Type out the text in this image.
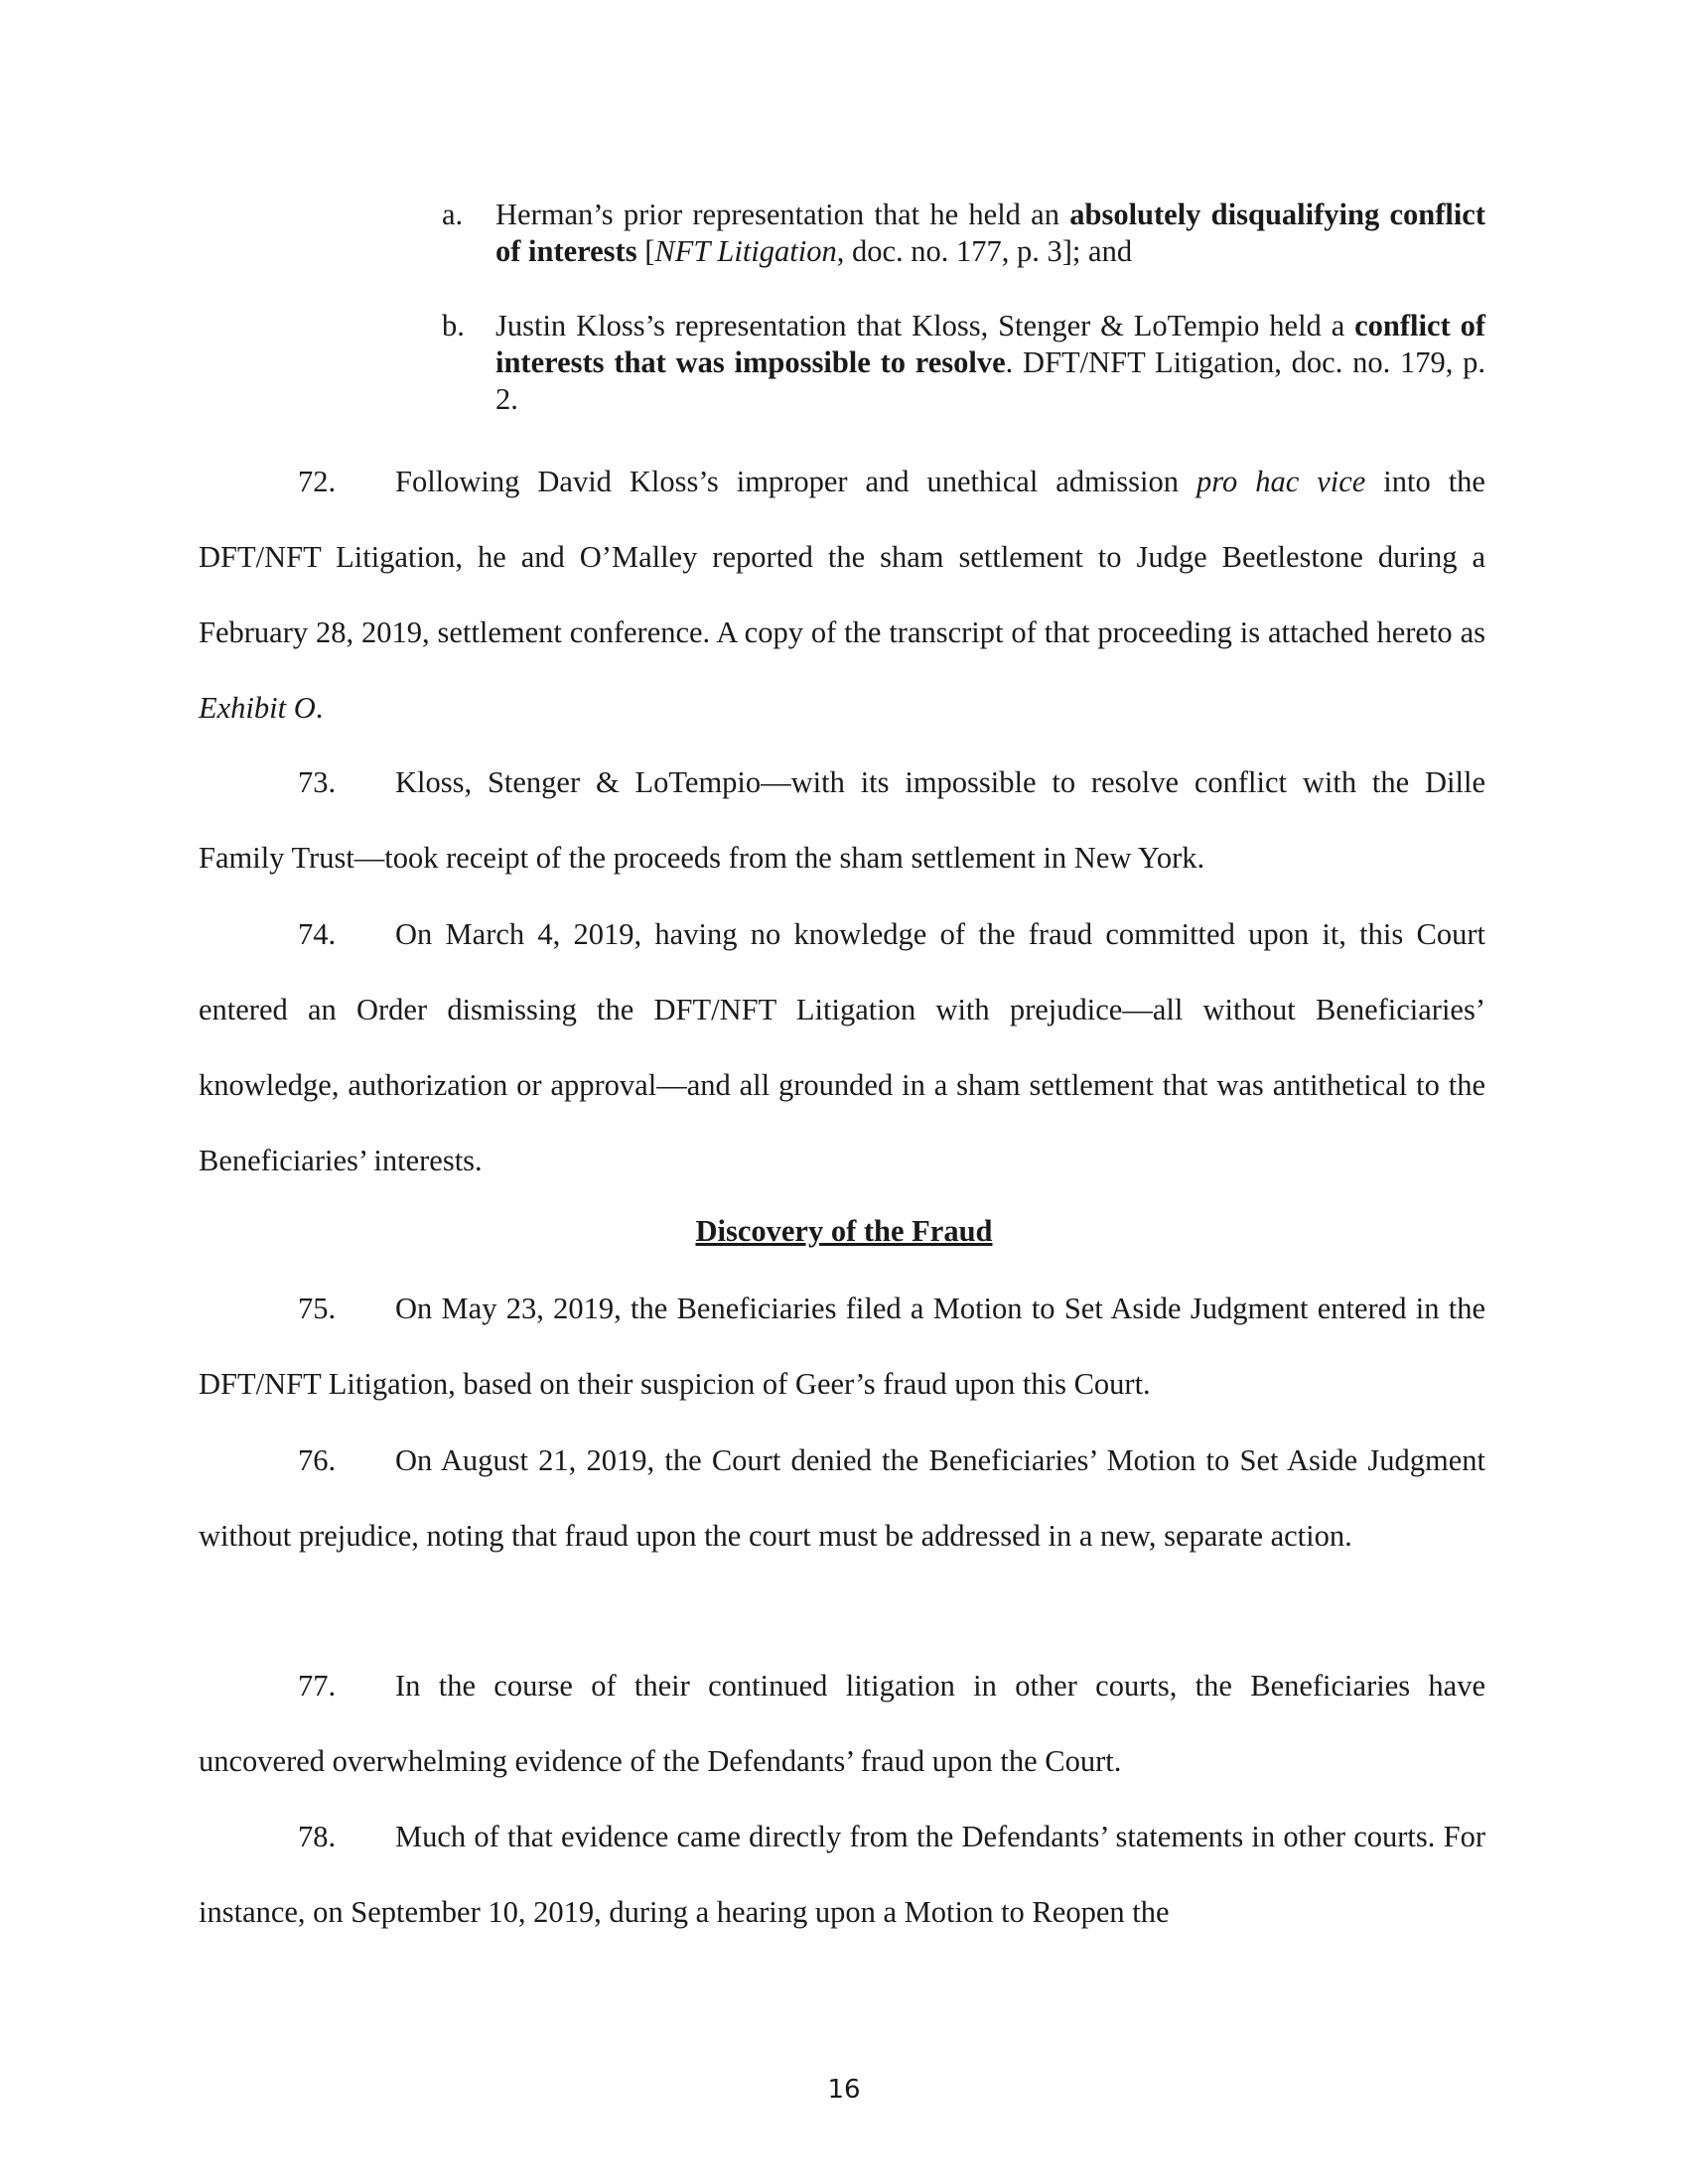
a. Herman’s prior representation that he held an absolutely disqualifying conflict of interests [NFT Litigation, doc. no. 177, p. 3]; and
b. Justin Kloss’s representation that Kloss, Stenger & LoTempio held a conflict of interests that was impossible to resolve. DFT/NFT Litigation, doc. no. 179, p. 2.

72. Following David Kloss’s improper and unethical admission pro hac vice into the DFT/NFT Litigation, he and O’Malley reported the sham settlement to Judge Beetlestone during a February 28, 2019, settlement conference. A copy of the transcript of that proceeding is attached hereto as Exhibit O.

73. Kloss, Stenger & LoTempio—with its impossible to resolve conflict with the Dille Family Trust—took receipt of the proceeds from the sham settlement in New York.

74. On March 4, 2019, having no knowledge of the fraud committed upon it, this Court entered an Order dismissing the DFT/NFT Litigation with prejudice—all without Beneficiaries’ knowledge, authorization or approval—and all grounded in a sham settlement that was antithetical to the Beneficiaries’ interests.

Discovery of the Fraud

75. On May 23, 2019, the Beneficiaries filed a Motion to Set Aside Judgment entered in the DFT/NFT Litigation, based on their suspicion of Geer’s fraud upon this Court.

76. On August 21, 2019, the Court denied the Beneficiaries’ Motion to Set Aside Judgment without prejudice, noting that fraud upon the court must be addressed in a new, separate action.

77. In the course of their continued litigation in other courts, the Beneficiaries have uncovered overwhelming evidence of the Defendants’ fraud upon the Court.

78. Much of that evidence came directly from the Defendants’ statements in other courts. For instance, on September 10, 2019, during a hearing upon a Motion to Reopen the

16
